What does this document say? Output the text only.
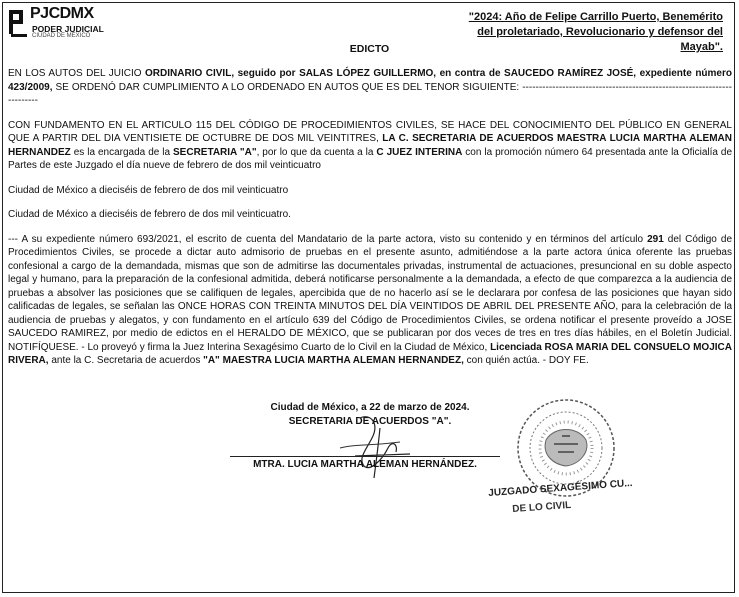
PJCDMX
PODER JUDICIAL
CIUDAD DE MÉXICO
"2024: Año de Felipe Carrillo Puerto, Benemérito del proletariado, Revolucionario y defensor del Mayab".
EDICTO

EN LOS AUTOS DEL JUICIO ORDINARIO CIVIL, seguido por SALAS LÓPEZ GUILLERMO, en contra de SAUCEDO RAMÍREZ JOSÉ, expediente número 423/2009, SE ORDENÓ DAR CUMPLIMIENTO A LO ORDENADO EN AUTOS QUE ES DEL TENOR SIGUIENTE: ------------------------------------------------------------------------

CON FUNDAMENTO EN EL ARTICULO 115 DEL CÓDIGO DE PROCEDIMIENTOS CIVILES, SE HACE DEL CONOCIMIENTO DEL PÚBLICO EN GENERAL QUE A PARTIR DEL DIA VENTISIETE DE OCTUBRE DE DOS MIL VEINTITRES, LA C. SECRETARIA DE ACUERDOS MAESTRA LUCIA MARTHA ALEMAN HERNANDEZ es la encargada de la SECRETARIA "A", por lo que da cuenta a la C JUEZ INTERINA con la promoción número 64 presentada ante la Oficialía de Partes de este Juzgado el día nueve de febrero de dos mil veinticuatro

Ciudad de México a dieciséis de febrero de dos mil veinticuatro

Ciudad de México a dieciséis de febrero de dos mil veinticuatro.

--- A su expediente número 693/2021, el escrito de cuenta del Mandatario de la parte actora, visto su contenido y en términos del artículo 291 del Código de Procedimientos Civiles, se procede a dictar auto admisorio de pruebas en el presente asunto, admitiéndose a la parte actora única oferente las pruebas confesional a cargo de la demandada, mismas que son de admitirse las documentales privadas, instrumental de actuaciones, presuncional en su doble aspecto legal y humano, para la preparación de la confesional admitida, deberá notificarse personalmente a la demandada, a efecto de que comparezca a la audiencia de pruebas a absolver las posiciones que se califiquen de legales, apercibida que de no hacerlo así se le declarara por confesa de las posiciones que hayan sido calificadas de legales, se señalan las ONCE HORAS CON TREINTA MINUTOS DEL DÍA VEINTIDOS DE ABRIL DEL PRESENTE AÑO, para la celebración de la audiencia de pruebas y alegatos, y con fundamento en el artículo 639 del Código de Procedimientos Civiles, se ordena notificar el presente proveído a JOSE SAUCEDO RAMIREZ, por medio de edictos en el HERALDO DE MÉXICO, que se publicaran por dos veces de tres en tres días hábiles, en el Boletín Judicial. NOTIFÍQUESE. - Lo proveyó y firma la Juez Interina Sexagésimo Cuarto de lo Civil en la Ciudad de México, Licenciada ROSA MARIA DEL CONSUELO MOJICA RIVERA, ante la C. Secretaria de acuerdos "A" MAESTRA LUCIA MARTHA ALEMAN HERNANDEZ, con quién actúa. - DOY FE.

Ciudad de México, a 22 de marzo de 2024.
SECRETARIA DE ACUERDOS "A".
MTRA. LUCIA MARTHA ALEMAN HERNÁNDEZ.
JUZGADO SEXAGÉSIMO CU...
DE LO CIVIL
